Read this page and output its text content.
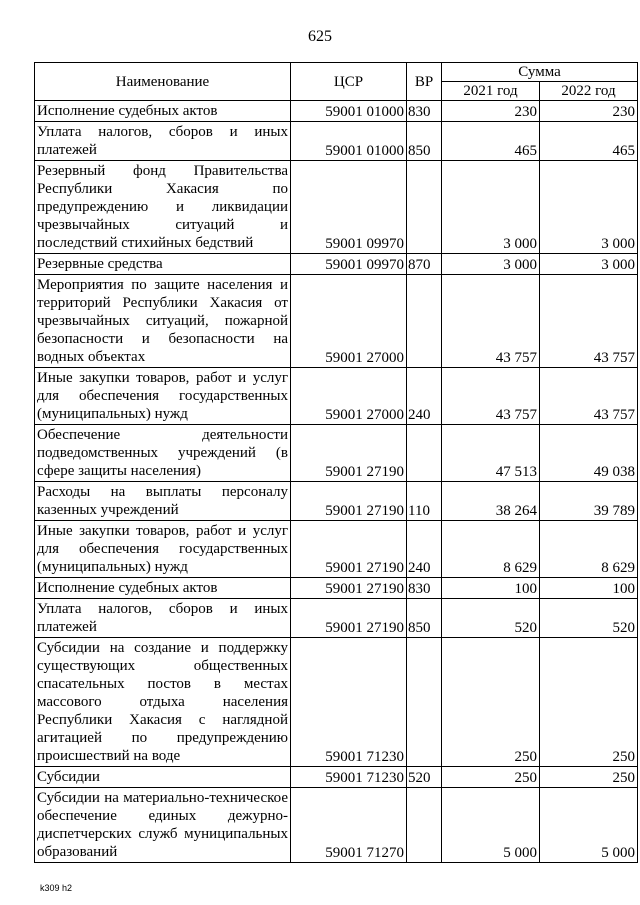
625
Наименование	ЦСР	ВР	Сумма	
			2021 год	2022 год
Исполнение судебных актов	59001 01000	830	230	230
Уплата налогов, сборов и иных платежей	59001 01000	850	465	465
Резервный фонд Правительства Республики Хакасия по предупреждению и ликвидации чрезвычайных ситуаций и последствий стихийных бедствий	59001 09970		3 000	3 000
Резервные средства	59001 09970	870	3 000	3 000
Мероприятия по защите населения и территорий Республики Хакасия от чрезвычайных ситуаций, пожарной безопасности и безопасности на водных объектах	59001 27000		43 757	43 757
Иные закупки товаров, работ и услуг для обеспечения государственных (муниципальных) нужд	59001 27000	240	43 757	43 757
Обеспечение деятельности подведомственных учреждений (в сфере защиты населения)	59001 27190		47 513	49 038
Расходы на выплаты персоналу казенных учреждений	59001 27190	110	38 264	39 789
Иные закупки товаров, работ и услуг для обеспечения государственных (муниципальных) нужд	59001 27190	240	8 629	8 629
Исполнение судебных актов	59001 27190	830	100	100
Уплата налогов, сборов и иных платежей	59001 27190	850	520	520
Субсидии на создание и поддержку существующих общественных спасательных постов в местах массового отдыха населения Республики Хакасия с наглядной агитацией по предупреждению происшествий на воде	59001 71230		250	250
Субсидии	59001 71230	520	250	250
Субсидии на материально-техническое обеспечение единых дежурно-диспетчерских служб муниципальных образований	59001 71270		5 000	5 000
k309 h2
